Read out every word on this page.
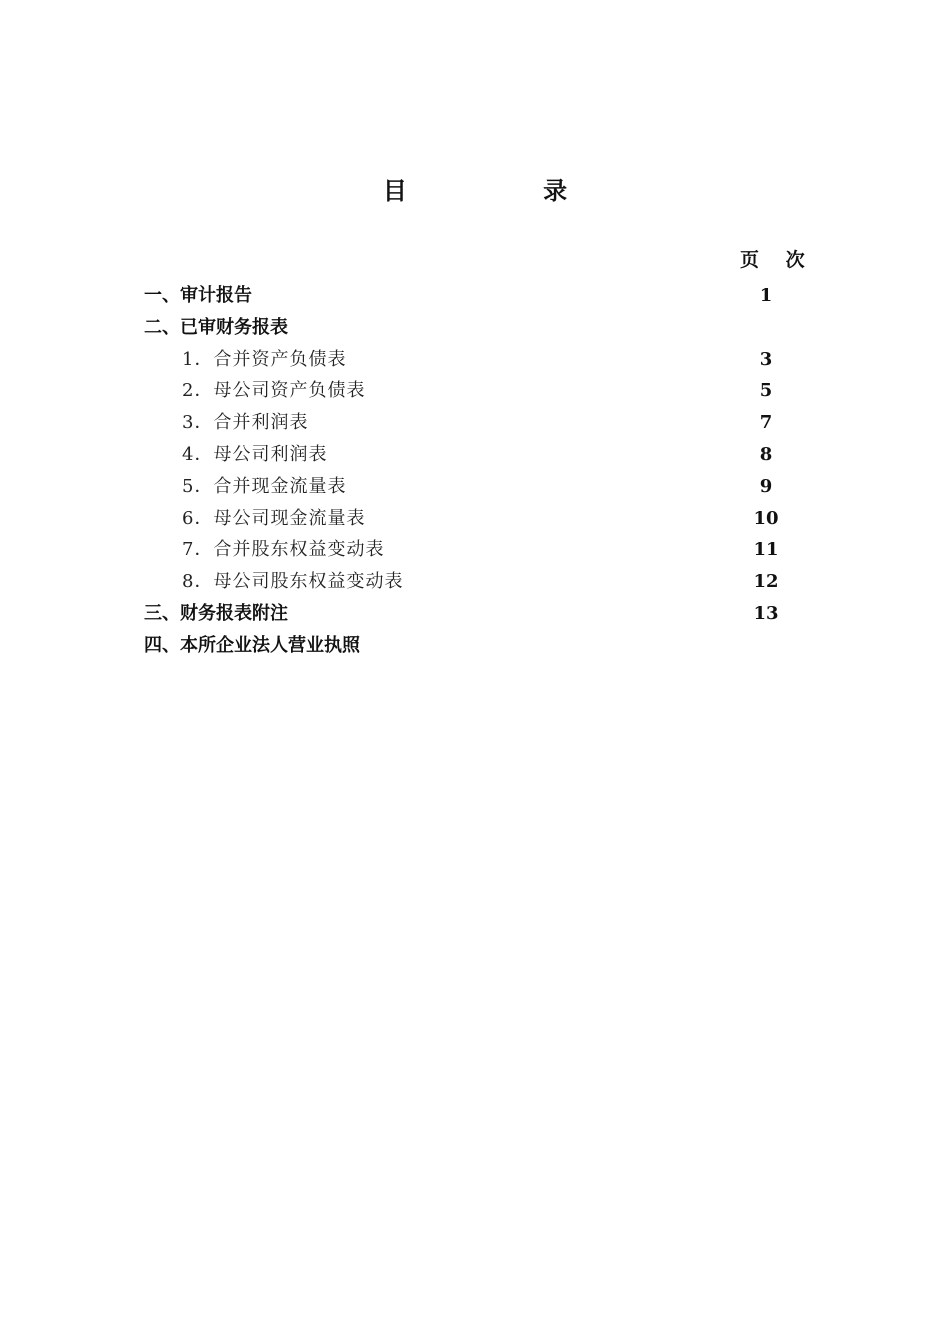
目 录
页 次
一、审计报告	1
二、已审财务报表
1．合并资产负债表	3
2．母公司资产负债表	5
3．合并利润表	7
4．母公司利润表	8
5．合并现金流量表	9
6．母公司现金流量表	10
7．合并股东权益变动表	11
8．母公司股东权益变动表	12
三、财务报表附注	13
四、本所企业法人营业执照
